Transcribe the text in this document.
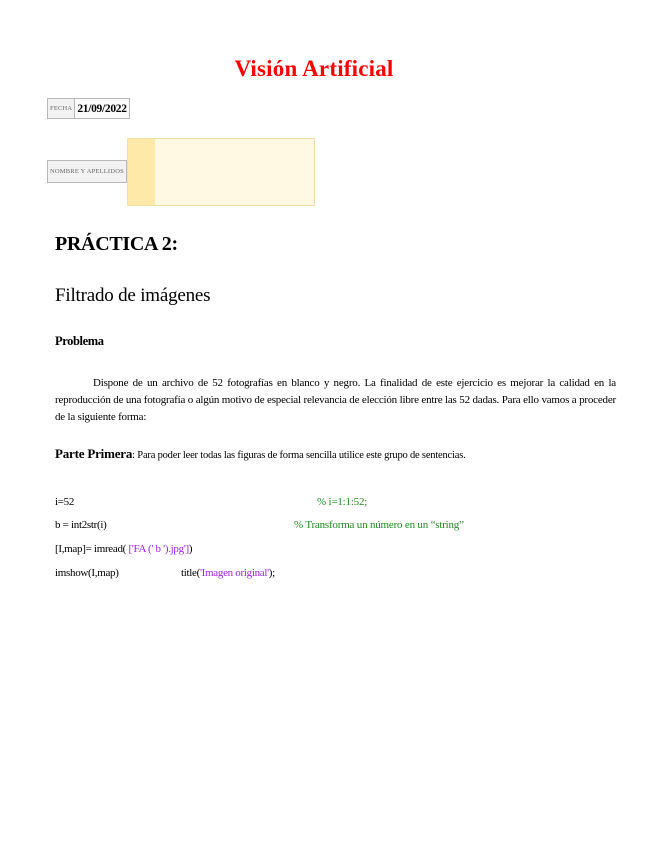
Visión Artificial
FECHA 21/09/2022
NOMBRE Y APELLIDOS
PRÁCTICA 2:
Filtrado de imágenes
Problema

Dispone de un archivo de 52 fotografías en blanco y negro. La finalidad de este ejercicio es mejorar la calidad en la reproducción de una fotografía o algún motivo de especial relevancia de elección libre entre las 52 dadas. Para ello vamos a proceder de la siguiente forma:

Parte Primera: Para poder leer todas las figuras de forma sencilla utilice este grupo de sentencias.

i=52	% i=1:1:52;
b = int2str(i)	% Transforma un número en un “string”
[I,map]= imread( ['FA (' b ').jpg'])
imshow(I,map)	title('Imagen original');
